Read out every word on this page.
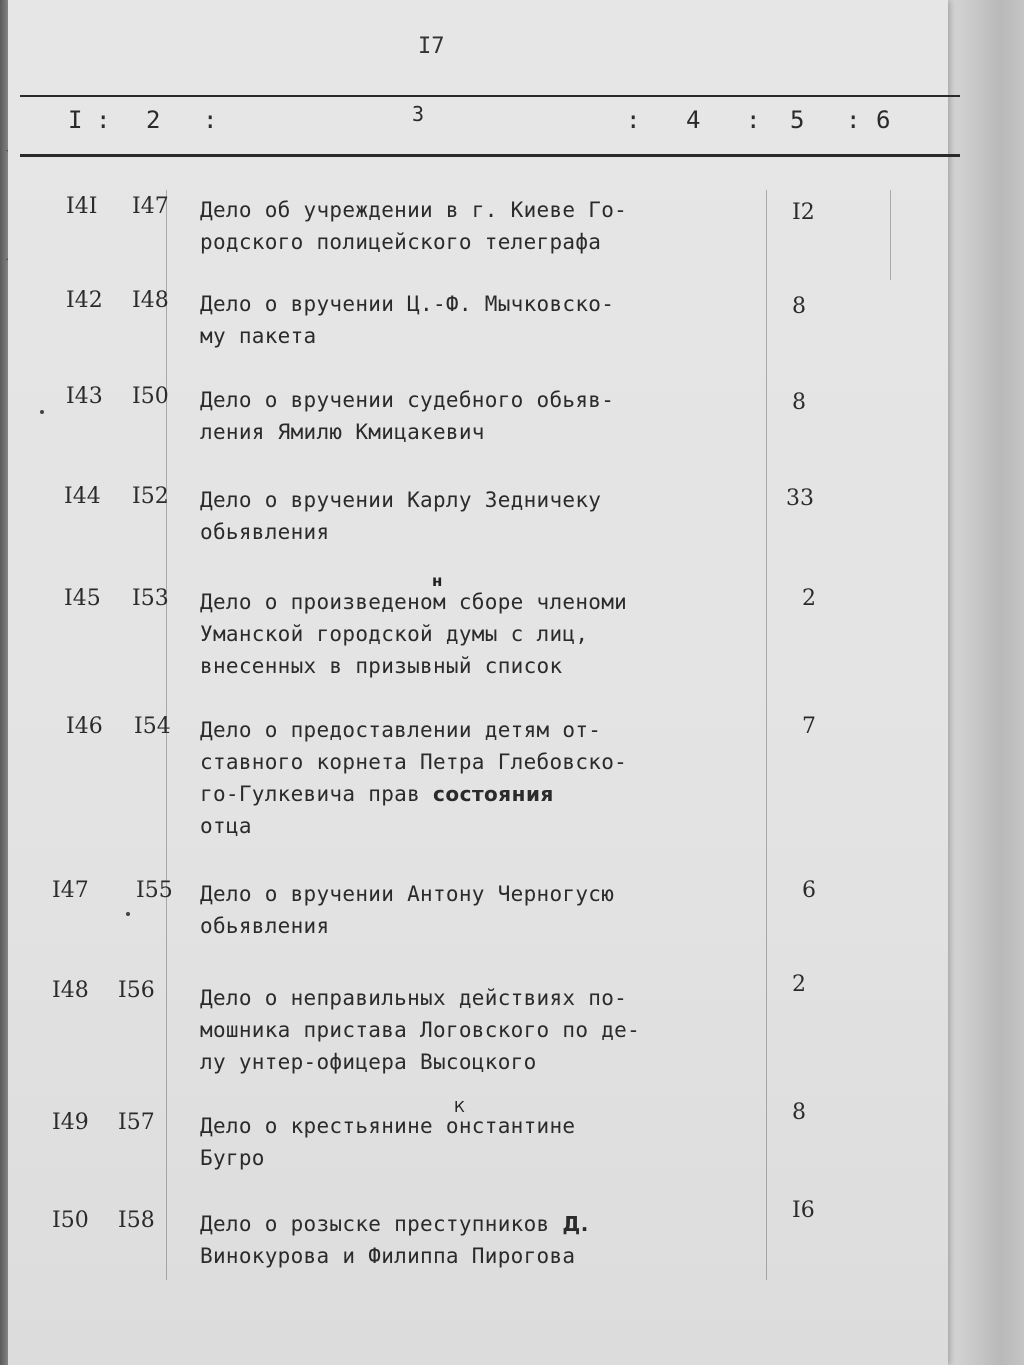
I7
I : 2 :	3	: 4 : 5 : 6
I4I I47 Дело об учреждении в г. Киеве Го-
родского полицейского телеграфа
I2
I42 I48 Дело о вручении Ц.-Ф. Мычковско-
му пакета
8
I43 I50 Дело о вручении судебного обьяв-
ления Ямилю Кмицакевич
8
I44 I52 Дело о вручении Карлу Зедничеку
обьявления
33
I45 I53
н
Дело о произведеном сборе членоми
Уманской городской думы с лиц,
внесенных в призывный список
2
I46 I54 Дело о предоставлении детям от-
ставного корнета Петра Глебовско-
го-Гулкевича прав состояния
отца
7
I47 I55 Дело о вручении Антону Черногусю
обьявления
6
I48 I56 Дело о неправильных действиях по-
мошника пристава Логовского по де-
лу унтер-офицера Высоцкого
2
I49 I57
К
Дело о крестьянине онстантине
Бугро
8
I50 I58 Дело о розыске преступников Д.
Винокурова и Филиппа Пирогова
I6
